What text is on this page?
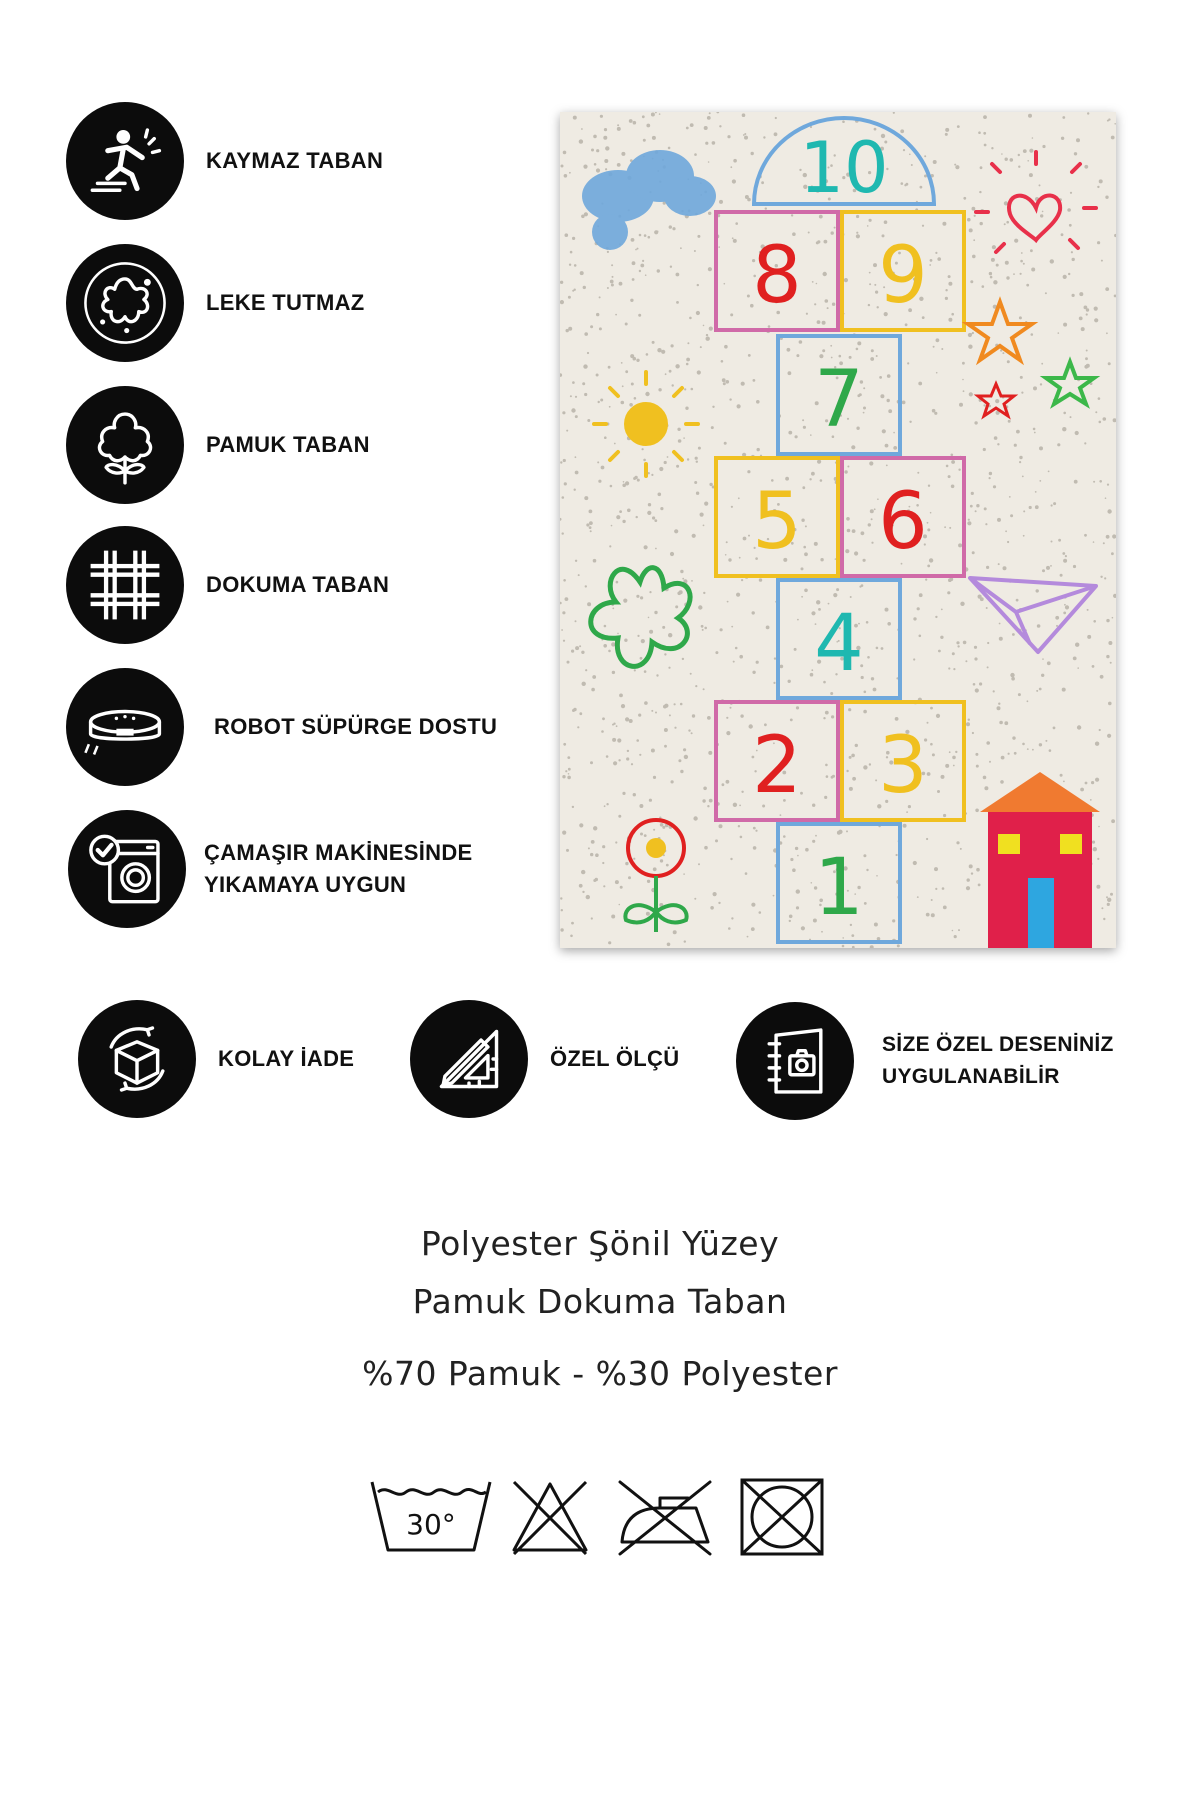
KAYMAZ TABAN
LEKE TUTMAZ
PAMUK TABAN
DOKUMA TABAN
ROBOT SÜPÜRGE DOSTU
ÇAMAŞIR MAKİNESİNDE
YIKAMAYA UYGUN
10
8 9
7
5 6
4
2 3
1
KOLAY İADE	ÖZEL ÖLÇÜ
SİZE ÖZEL DESENİNİZ
UYGULANABİLİR
Polyester Şönil Yüzey
Pamuk Dokuma Taban
%70 Pamuk - %30 Polyester
30°
